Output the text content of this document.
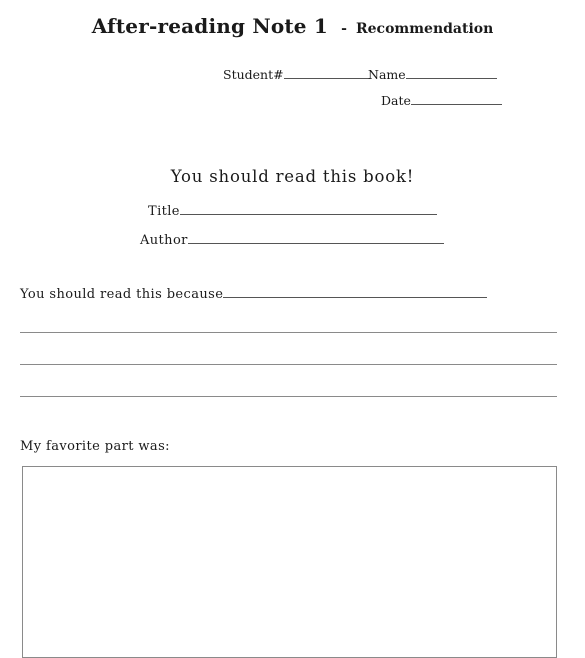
After-reading Note 1 - Recommendation
Student#	Name
Date
You should read this book!
Title
Author
You should read this because
My favorite part was:
